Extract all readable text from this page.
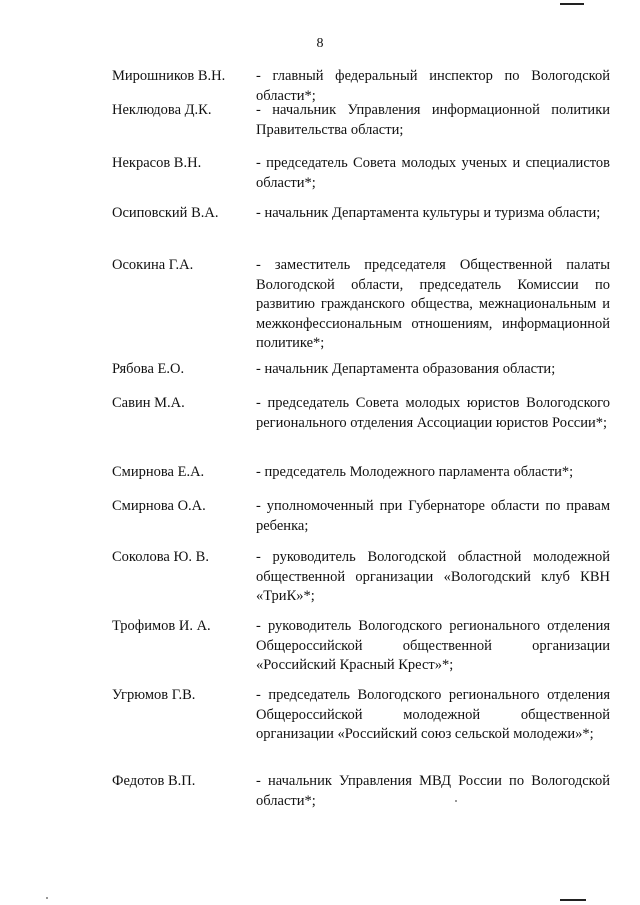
8
Мирошников В.Н.	- главный федеральный инспектор по Вологодской области*;
Неклюдова Д.К.	- начальник Управления информационной политики Правительства области;
Некрасов В.Н.	- председатель Совета молодых ученых и специалистов области*;
Осиповский В.А.	- начальник Департамента культуры и туризма области;
Осокина Г.А.	- заместитель председателя Общественной палаты Вологодской области, председатель Комиссии по развитию гражданского общества, межнациональным и межконфессиональным отношениям, информационной политике*;
Рябова Е.О.	- начальник Департамента образования области;
Савин М.А.	- председатель Совета молодых юристов Вологодского регионального отделения Ассоциации юристов России*;
Смирнова Е.А.	- председатель Молодежного парламента области*;
Смирнова О.А.	- уполномоченный при Губернаторе области по правам ребенка;
Соколова Ю. В.	- руководитель Вологодской областной молодежной общественной организации «Вологодский клуб КВН «ТриК»*;
Трофимов И. А.	- руководитель Вологодского регионального отделения Общероссийской общественной организации «Российский Красный Крест»*;
Угрюмов Г.В.	- председатель Вологодского регионального отделения Общероссийской молодежной общественной организации «Российский союз сельской молодежи»*;
Федотов В.П.	- начальник Управления МВД России по Вологодской области*;
